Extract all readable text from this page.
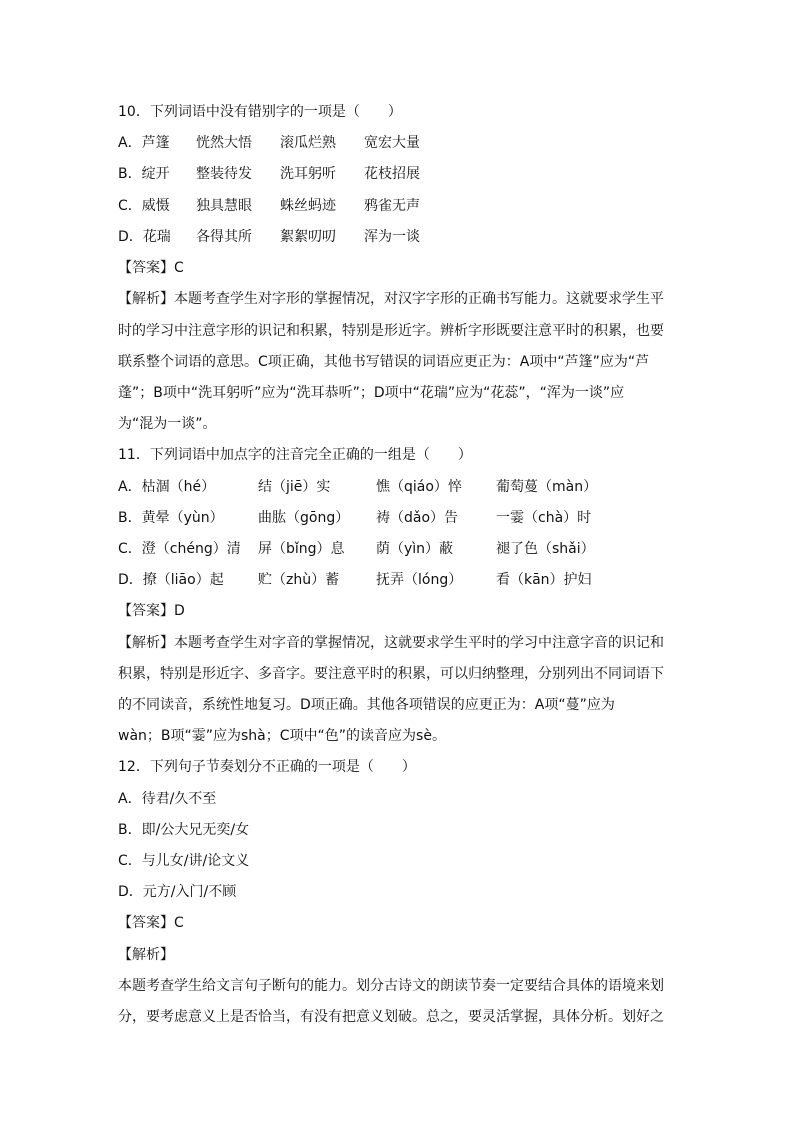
10．下列词语中没有错别字的一项是（　　）
A．芦篷 恍然大悟 滚瓜烂熟 宽宏大量
B．绽开 整装待发 洗耳躬听 花枝招展
C．威慑 独具慧眼 蛛丝蚂迹 鸦雀无声
D．花瑞 各得其所 絮絮叨叨 浑为一谈
【答案】C
【解析】本题考查学生对字形的掌握情况，对汉字字形的正确书写能力。这就要求学生平
时的学习中注意字形的识记和积累，特别是形近字。辨析字形既要注意平时的积累，也要
联系整个词语的意思。C项正确，其他书写错误的词语应更正为：A项中“芦篷”应为“芦
蓬”；B项中“洗耳躬听”应为“洗耳恭听”；D项中“花瑞”应为“花蕊”，“浑为一谈”应
为“混为一谈”。
11．下列词语中加点字的注音完全正确的一组是（　　）
A．枯涸（hé）	结（jiē）实	憔（qiáo）悴 葡萄蔓（màn）
B．黄晕（yùn） 曲肱（gōng） 祷（dǎo）告	一霎（chà）时
C．澄（chéng）清 屏（bǐng）息 荫（yìn）蔽	褪了色（shǎi）
D．撩（liāo）起 贮（zhù）蓄	抚弄（lóng） 看（kān）护妇
【答案】D
【解析】本题考查学生对字音的掌握情况，这就要求学生平时的学习中注意字音的识记和
积累，特别是形近字、多音字。要注意平时的积累，可以归纳整理，分别列出不同词语下
的不同读音，系统性地复习。D项正确。其他各项错误的应更正为：A项“蔓”应为
wàn；B项“霎”应为shà；C项中“色”的读音应为sè。
12．下列句子节奏划分不正确的一项是（　　）
A．待君/久不至
B．即/公大兄无奕/女
C．与儿女/讲/论文义
D．元方/入门/不顾
【答案】C
【解析】
本题考查学生给文言句子断句的能力。划分古诗文的朗读节奏一定要结合具体的语境来划
分，要考虑意义上是否恰当，有没有把意义划破。总之，要灵活掌握，具体分析。划好之
